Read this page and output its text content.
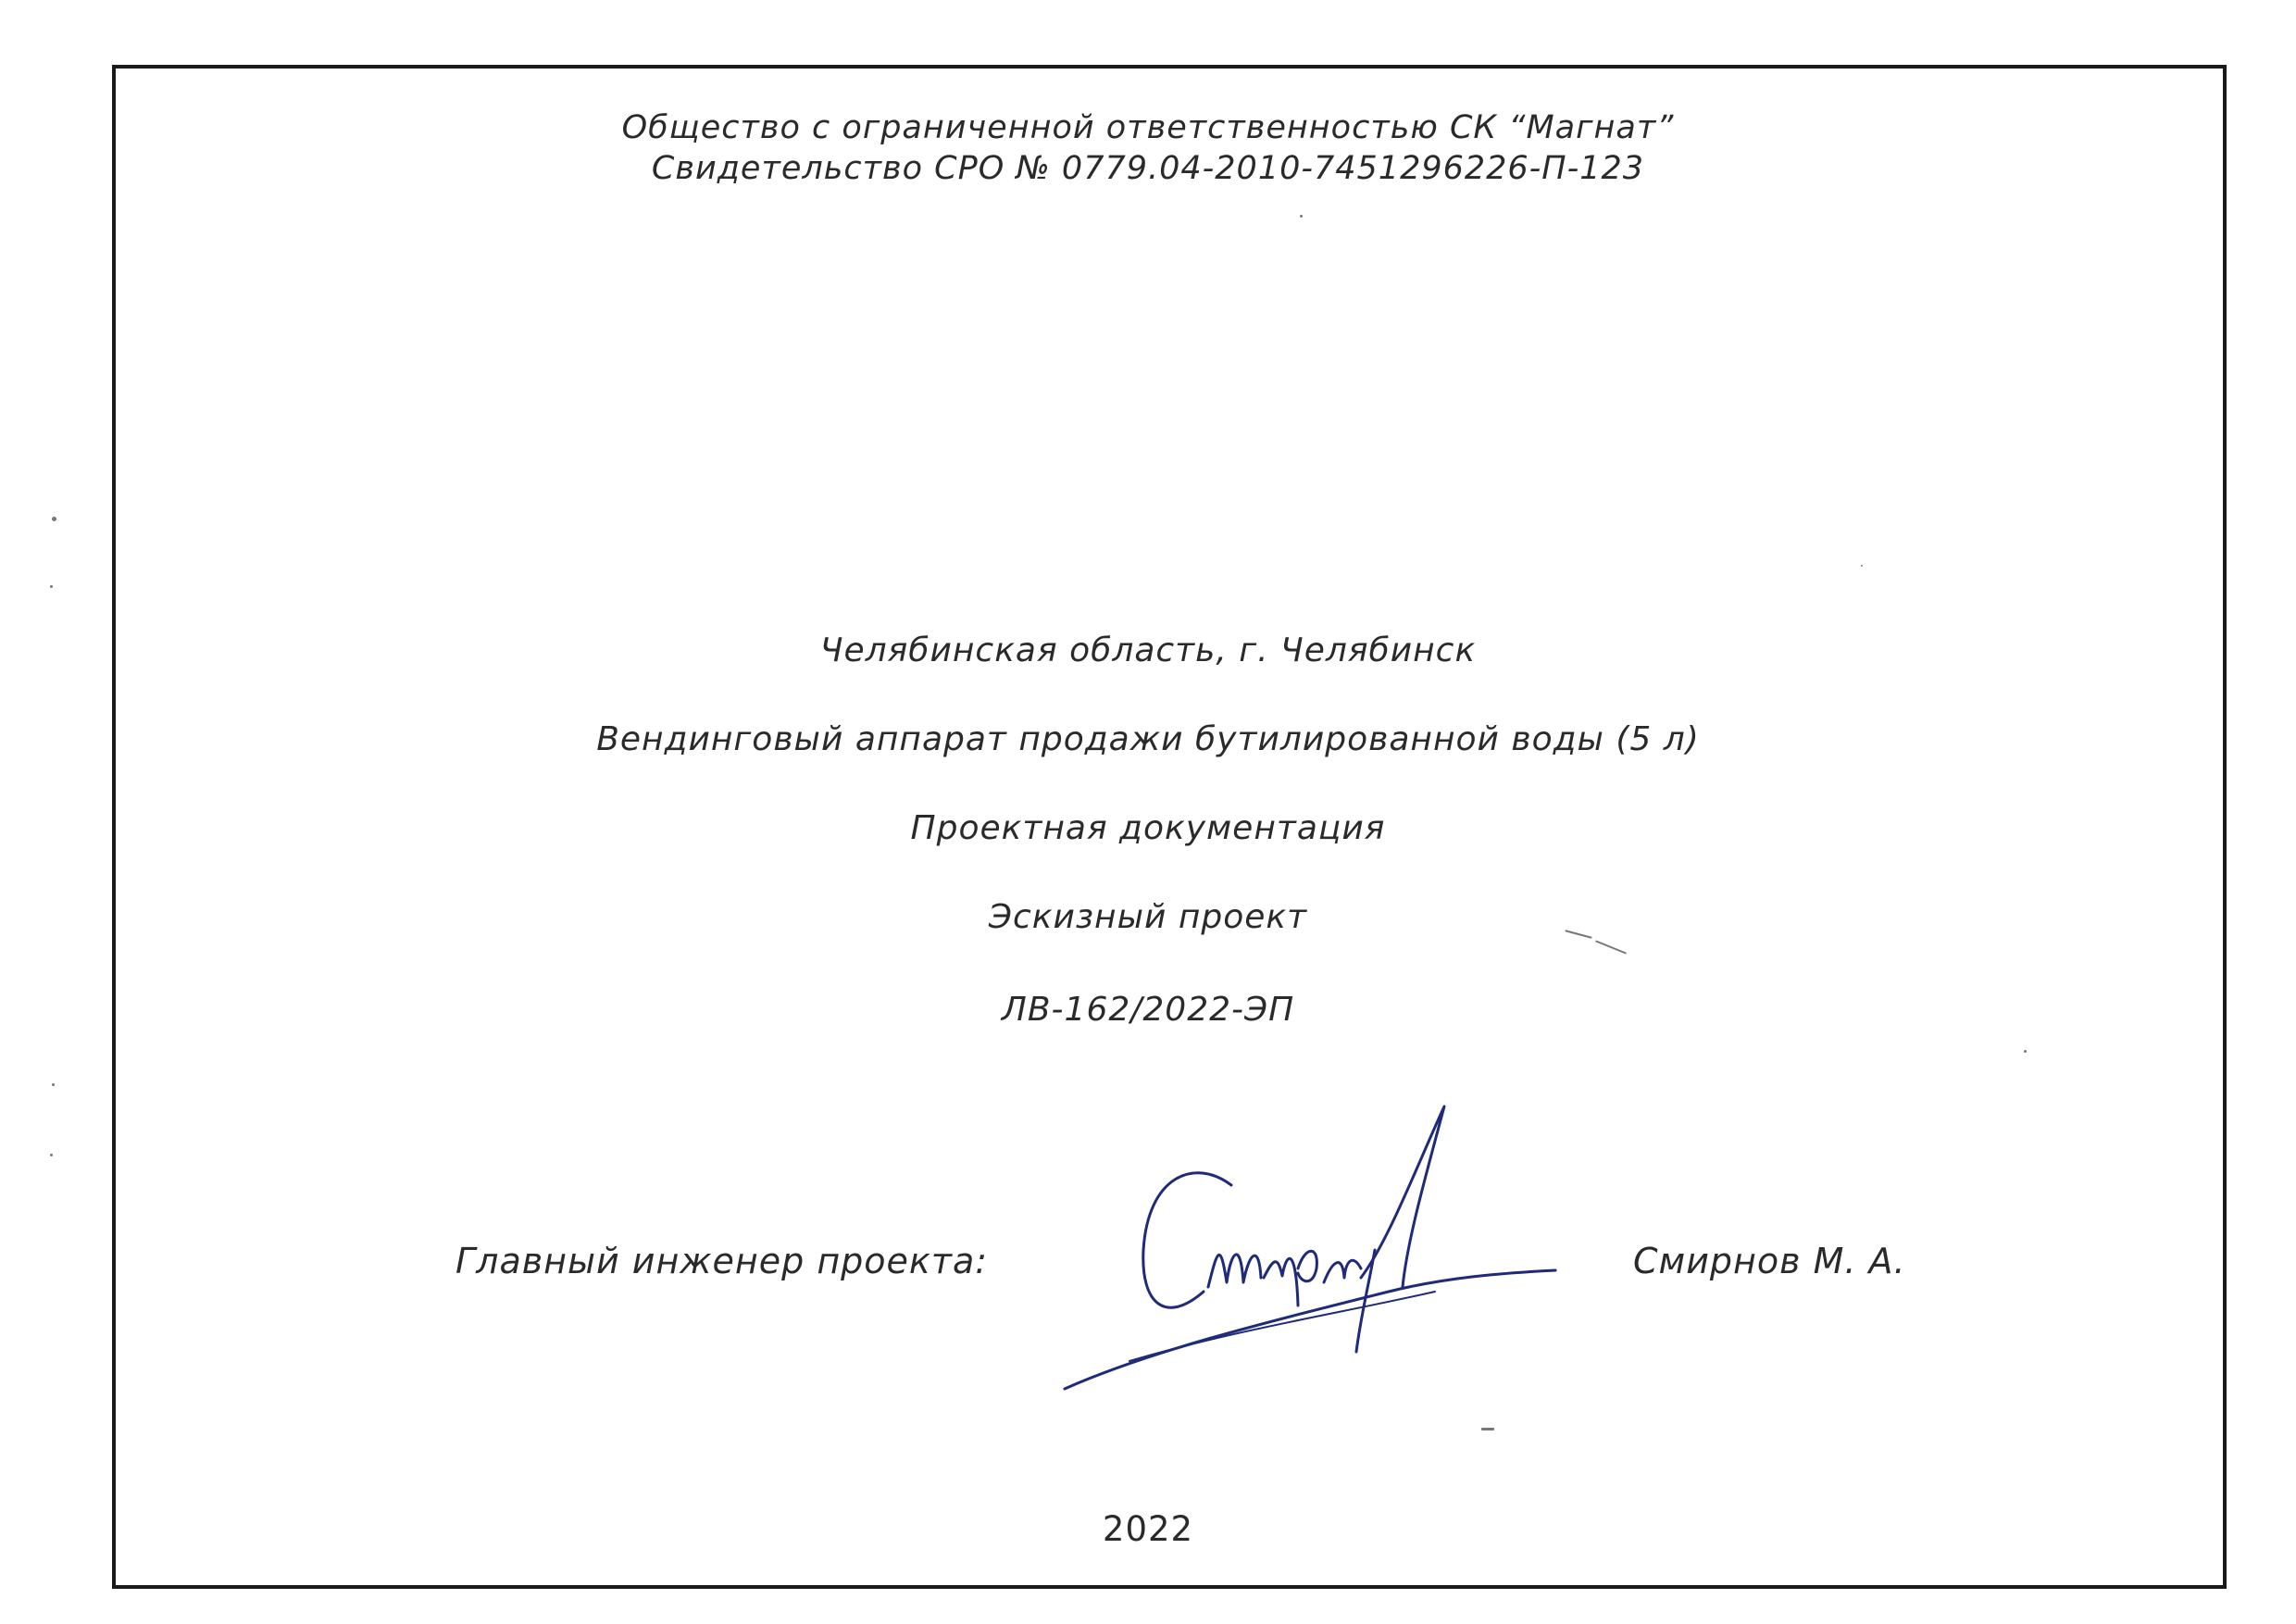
Общество с ограниченной ответственностью СК “Магнат”
Свидетельство СРО № 0779.04-2010-7451296226-П-123
Челябинская область, г. Челябинск
Вендинговый аппарат продажи бутилированной воды (5 л)
Проектная документация
Эскизный проект
ЛВ-162/2022-ЭП
Главный инженер проекта:	Смирнов М. А.
2022
